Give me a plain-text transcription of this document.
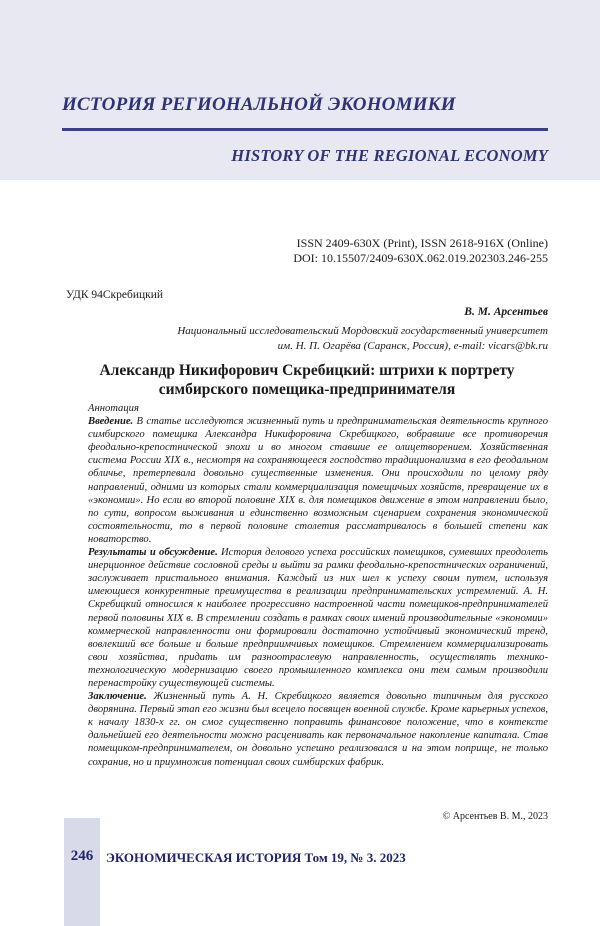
ИСТОРИЯ РЕГИОНАЛЬНОЙ ЭКОНОМИКИ
HISTORY OF THE REGIONAL ECONOMY
ISSN 2409-630X (Print), ISSN 2618-916X (Online)
DOI: 10.15507/2409-630X.062.019.202303.246-255
УДК 94Скребицкий
В. М. Арсентьев
Национальный исследовательский Мордовский государственный университет
им. Н. П. Огарёва (Саранск, Россия), e-mail: vicars@bk.ru
Александр Никифорович Скребицкий: штрихи к портрету
симбирского помещика-предпринимателя

Аннотация

Введение. В статье исследуются жизненный путь и предпринимательская деятельность крупного симбирского помещика Александра Никифоровича Скребицкого, вобравшие все противоречия феодально-крепостнической эпохи и во многом ставшие ее олицетворением. Хозяйственная система России XIX в., несмотря на сохраняющееся господство традиционализма в его феодальном обличье, претерпевала довольно существенные изменения. Они происходили по целому ряду направлений, одними из которых стали коммерциализация помещичьих хозяйств, превращение их в «экономии». Но если во второй половине XIX в. для помещиков движение в этом направлении было, по сути, вопросом выживания и единственно возможным сценарием сохранения экономической состоятельности, то в первой половине столетия рассматривалось в большей степени как новаторство.

Результаты и обсуждение. История делового успеха российских помещиков, сумевших преодолеть инерционное действие сословной среды и выйти за рамки феодально-крепостнических ограничений, заслуживает пристального внимания. Каждый из них шел к успеху своим путем, используя имеющиеся конкурентные преимущества в реализации предпринимательских устремлений. А. Н. Скребицкий относился к наиболее прогрессивно настроенной части помещиков-предпринимателей первой половины XIX в. В стремлении создать в рамках своих имений производительные «экономии» коммерческой направленности они формировали достаточно устойчивый экономический тренд, вовлекший все больше и больше предприимчивых помещиков. Стремлением коммерциализировать свои хозяйства, придать им разноотраслевую направленность, осуществлять технико-технологическую модернизацию своего промышленного комплекса они тем самым производили перенастройку существующей системы.

Заключение. Жизненный путь А. Н. Скребицкого является довольно типичным для русского дворянина. Первый этап его жизни был всецело посвящен военной службе. Кроме карьерных успехов, к началу 1830-х гг. он смог существенно поправить финансовое положение, что в контексте дальнейшей его деятельности можно расценивать как первоначальное накопление капитала. Став помещиком-предпринимателем, он довольно успешно реализовался и на этом поприще, не только сохранив, но и приумножив потенциал своих симбирских фабрик.

© Арсентьев В. М., 2023
246 ЭКОНОМИЧЕСКАЯ ИСТОРИЯ Том 19, № 3. 2023
